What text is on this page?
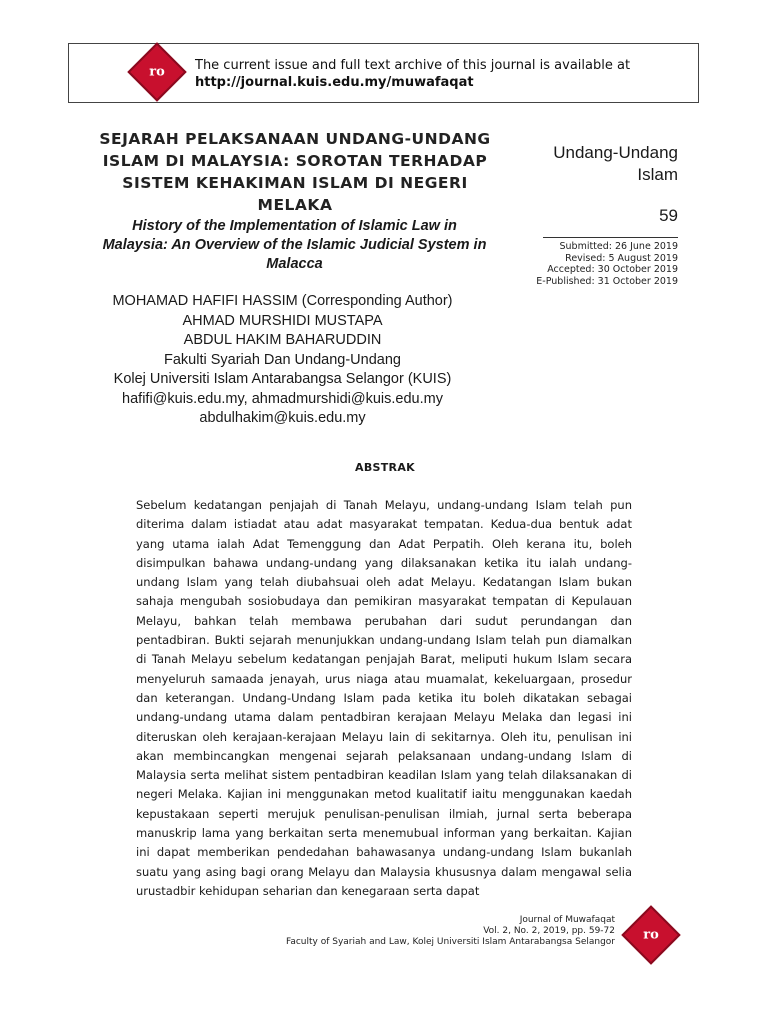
ro The current issue and full text archive of this journal is available at
http://journal.kuis.edu.my/muwafaqat
SEJARAH PELAKSANAAN UNDANG-UNDANG
ISLAM DI MALAYSIA: SOROTAN TERHADAP
SISTEM KEHAKIMAN ISLAM DI NEGERI MELAKA
History of the Implementation of Islamic Law in
Malaysia: An Overview of the Islamic Judicial System in
Malacca
MOHAMAD HAFIFI HASSIM (Corresponding Author)
AHMAD MURSHIDI MUSTAPA
ABDUL HAKIM BAHARUDDIN
Fakulti Syariah Dan Undang-Undang
Kolej Universiti Islam Antarabangsa Selangor (KUIS)
hafifi@kuis.edu.my, ahmadmurshidi@kuis.edu.my
abdulhakim@kuis.edu.my
Undang-Undang
Islam
59
Submitted: 26 June 2019
Revised: 5 August 2019
Accepted: 30 October 2019
E-Published: 31 October 2019
ABSTRAK
Sebelum kedatangan penjajah di Tanah Melayu, undang-undang Islam telah pun diterima dalam istiadat atau adat masyarakat tempatan. Kedua-dua bentuk adat yang utama ialah Adat Temenggung dan Adat Perpatih. Oleh kerana itu, boleh disimpulkan bahawa undang-undang yang dilaksanakan ketika itu ialah undang-undang Islam yang telah diubahsuai oleh adat Melayu. Kedatangan Islam bukan sahaja mengubah sosiobudaya dan pemikiran masyarakat tempatan di Kepulauan Melayu, bahkan telah membawa perubahan dari sudut perundangan dan pentadbiran. Bukti sejarah menunjukkan undang-undang Islam telah pun diamalkan di Tanah Melayu sebelum kedatangan penjajah Barat, meliputi hukum Islam secara menyeluruh samaada jenayah, urus niaga atau muamalat, kekeluargaan, prosedur dan keterangan. Undang-Undang Islam pada ketika itu boleh dikatakan sebagai undang-undang utama dalam pentadbiran kerajaan Melayu Melaka dan legasi ini diteruskan oleh kerajaan-kerajaan Melayu lain di sekitarnya. Oleh itu, penulisan ini akan membincangkan mengenai sejarah pelaksanaan undang-undang Islam di Malaysia serta melihat sistem pentadbiran keadilan Islam yang telah dilaksanakan di negeri Melaka. Kajian ini menggunakan metod kualitatif iaitu menggunakan kaedah kepustakaan seperti merujuk penulisan-penulisan ilmiah, jurnal serta beberapa manuskrip lama yang berkaitan serta menemubual informan yang berkaitan. Kajian ini dapat memberikan pendedahan bahawasanya undang-undang Islam bukanlah suatu yang asing bagi orang Melayu dan Malaysia khususnya dalam mengawal selia urustadbir kehidupan seharian dan kenegaraan serta dapat
Journal of Muwafaqat
Vol. 2, No. 2, 2019, pp. 59-72
Faculty of Syariah and Law, Kolej Universiti Islam Antarabangsa Selangor ro
